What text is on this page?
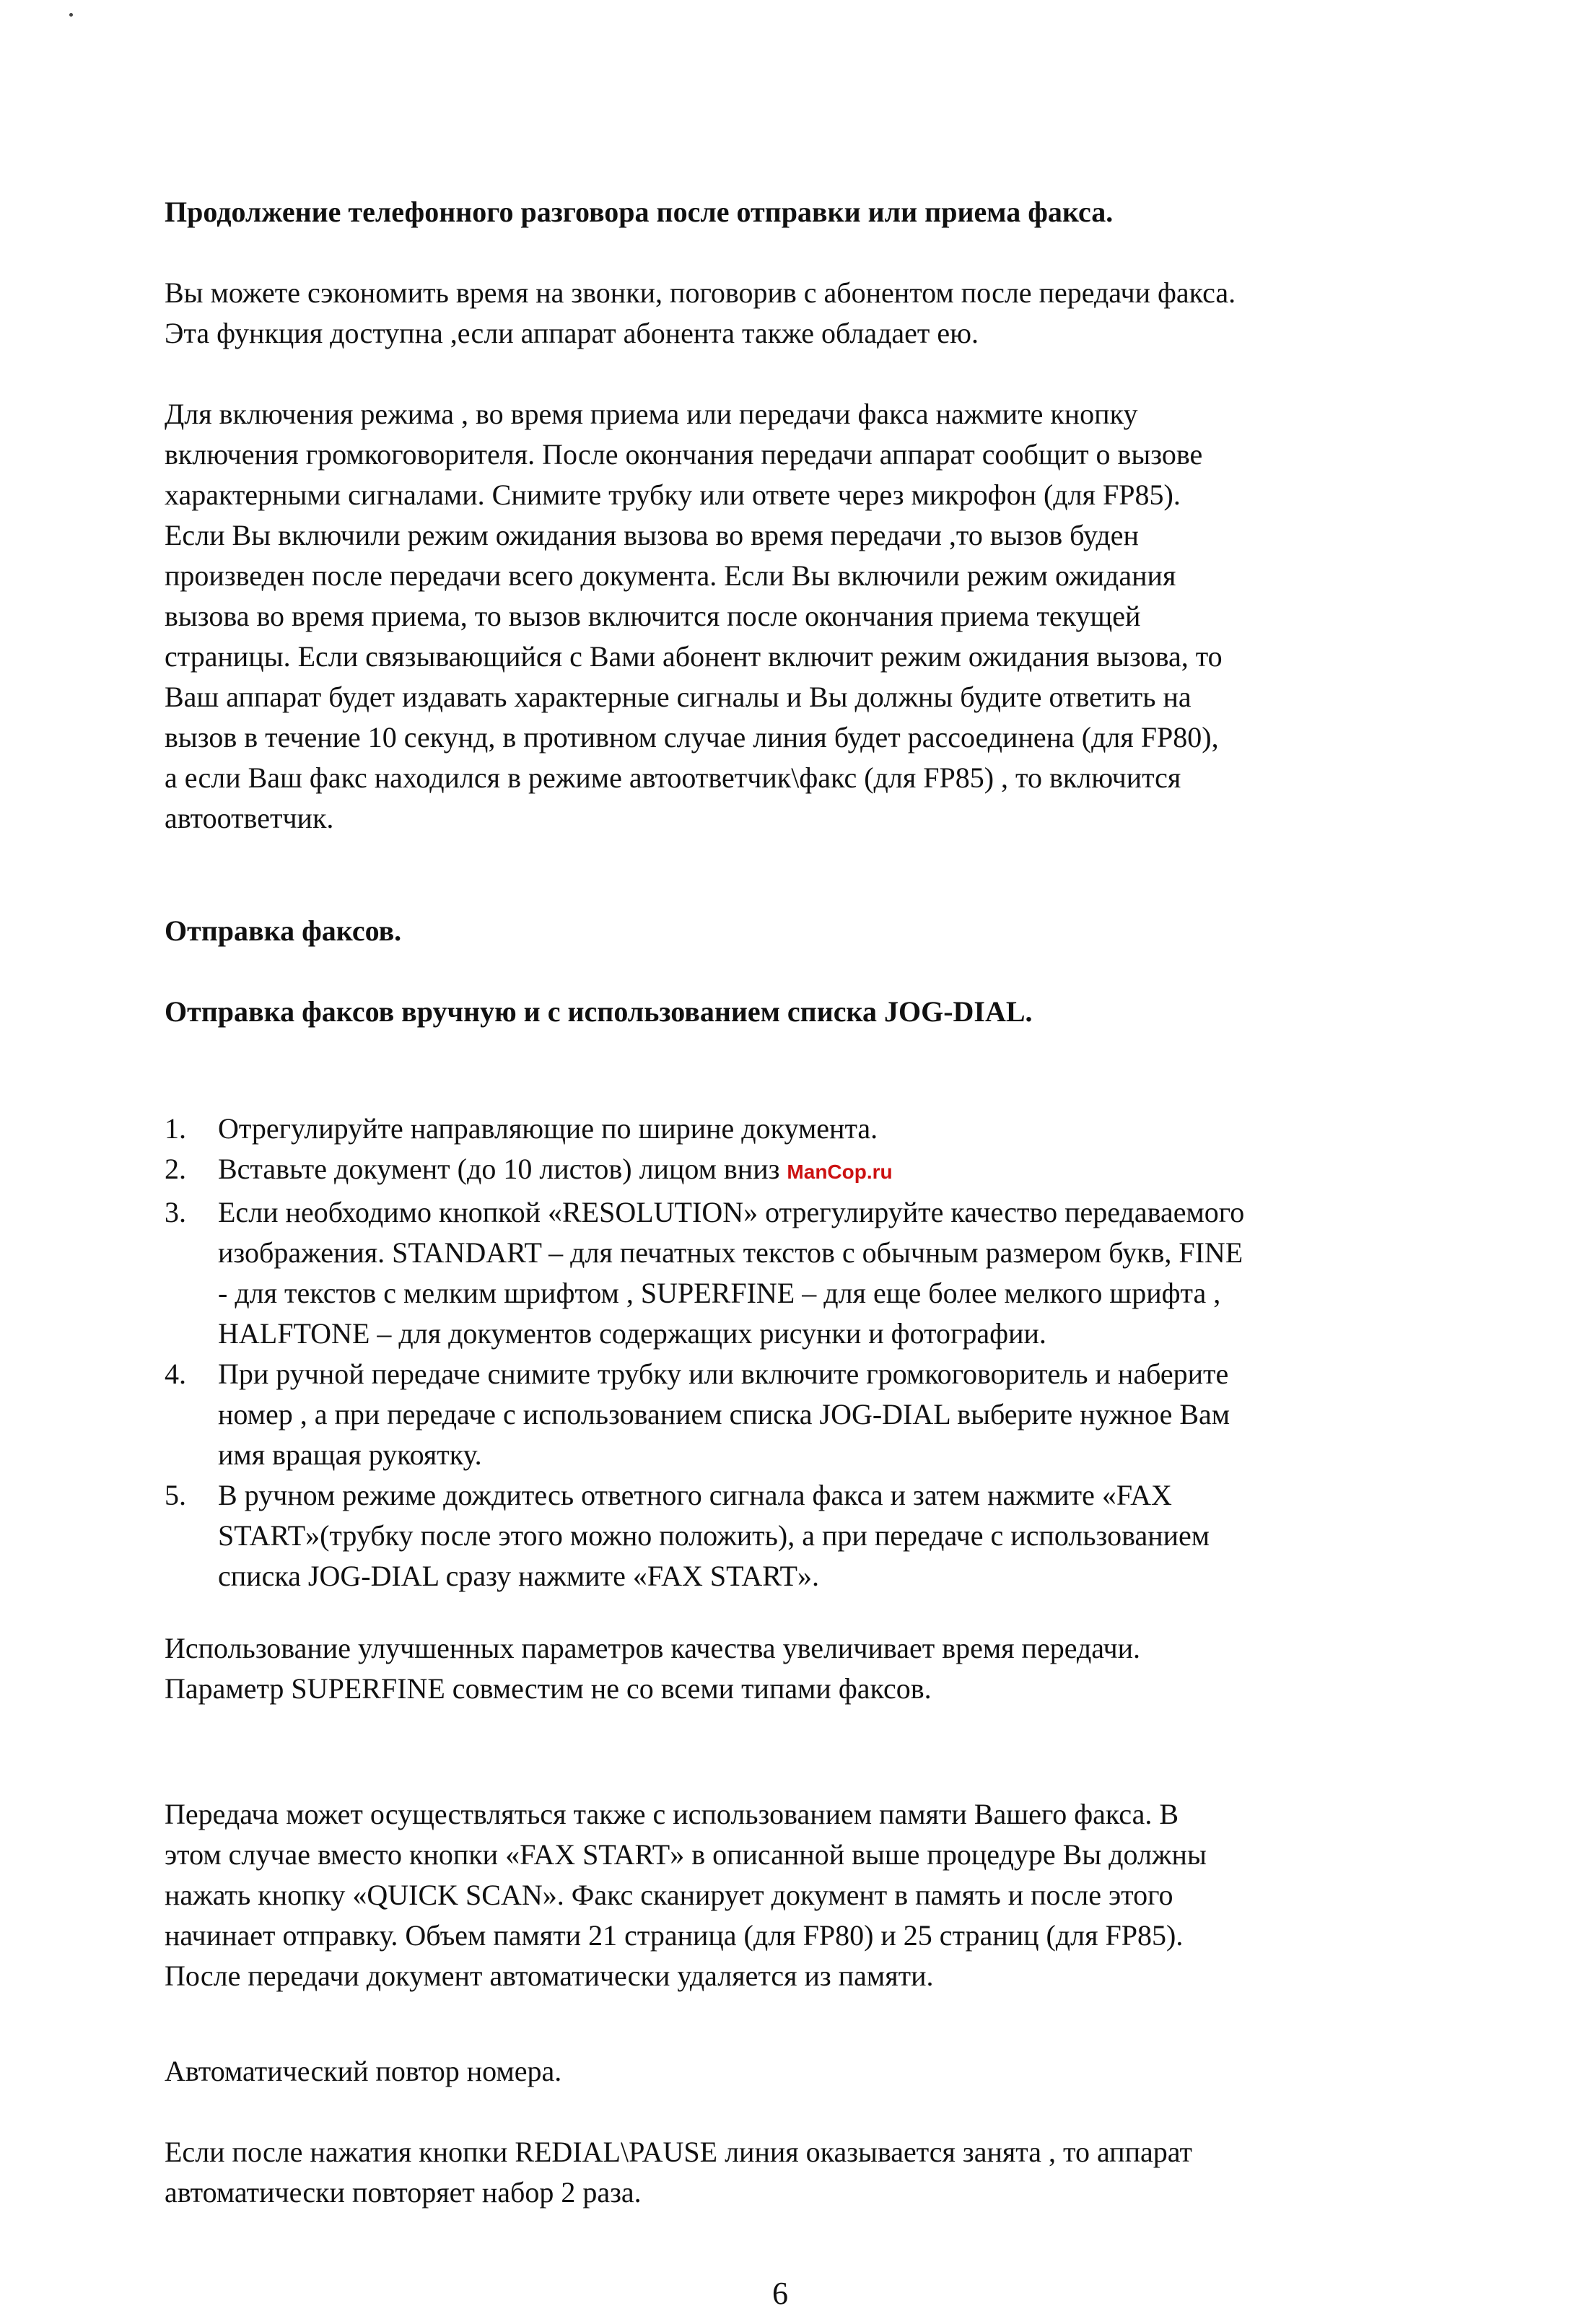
Продолжение телефонного разговора после отправки или приема факса.

Вы можете сэкономить время на звонки, поговорив с абонентом после передачи факса.
Эта функция доступна ,если аппарат абонента также обладает ею.

Для включения режима , во время приема или передачи факса нажмите кнопку
включения громкоговорителя. После окончания передачи аппарат сообщит о вызове
характерными сигналами. Снимите трубку или ответе через микрофон (для FP85).
Если Вы включили режим ожидания вызова во время передачи ,то вызов буден
произведен после передачи всего документа. Если Вы включили режим ожидания
вызова во время приема, то вызов включится после окончания приема текущей
страницы. Если связывающийся с Вами абонент включит режим ожидания вызова, то
Ваш аппарат будет издавать характерные сигналы и Вы должны будите ответить на
вызов в течение 10 секунд, в противном случае линия будет рассоединена (для FP80),
а если Ваш факс находился в режиме автоответчик\факс (для FP85) , то включится
автоответчик.

Отправка факсов.
Отправка факсов вручную и с использованием списка JOG-DIAL.
1.	Отрегулируйте направляющие по ширине документа.
2.	Вставьте документ (до 10 листов) лицом вниз ManCop.ru
3.	Если необходимо кнопкой «RESOLUTION» отрегулируйте качество передаваемого
изображения. STANDART – для печатных текстов с обычным размером букв, FINE
- для текстов с мелким шрифтом , SUPERFINE – для еще более мелкого шрифта ,
HALFTONE – для документов содержащих рисунки и фотографии.
4.	При ручной передаче снимите трубку или включите громкоговоритель и наберите
номер , а при передаче с использованием списка JOG-DIAL выберите нужное Вам
имя вращая рукоятку.
5.	В ручном режиме дождитесь ответного сигнала факса и затем нажмите «FAX
START»(трубку после этого можно положить), а при передаче с использованием
списка JOG-DIAL сразу нажмите «FAX START».

Использование улучшенных параметров качества увеличивает время передачи.
Параметр SUPERFINE совместим не со всеми типами факсов.

Передача может осуществляться также с использованием памяти Вашего факса. В
этом случае вместо кнопки «FAX START» в описанной выше процедуре Вы должны
нажать кнопку «QUICK SCAN». Факс сканирует документ в память и после этого
начинает отправку. Объем памяти 21 страница (для FP80) и 25 страниц (для FP85).
После передачи документ автоматически удаляется из памяти.

Автоматический повтор номера.

Если после нажатия кнопки REDIAL\PAUSE линия оказывается занята , то аппарат
автоматически повторяет набор 2 раза.

6
